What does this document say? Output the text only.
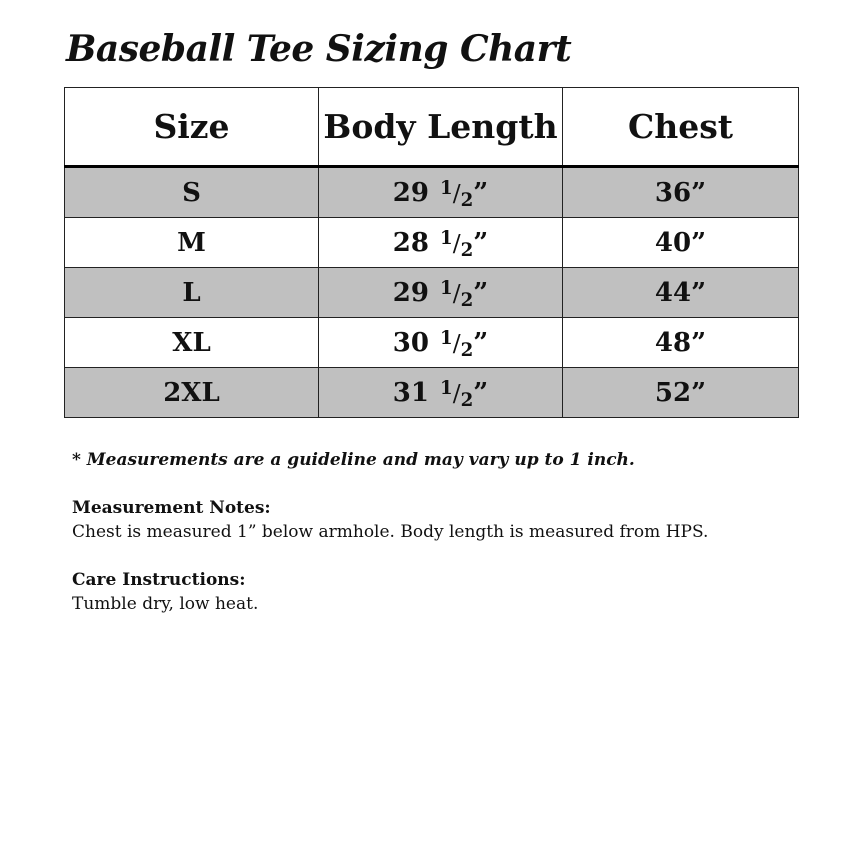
Baseball Tee Sizing Chart
Size	Body Length	Chest
S	29 $^1/_2$”	36”
M	28 $^1/_2$”	40”
L	29 $^1/_2$”	44”
XL	30 $^1/_2$”	48”
2XL	31 $^1/_2$”	52”

* Measurements are a guideline and may vary up to 1 inch.

Measurement Notes:

Chest is measured 1” below armhole. Body length is measured from HPS.

Care Instructions:

Tumble dry, low heat.
